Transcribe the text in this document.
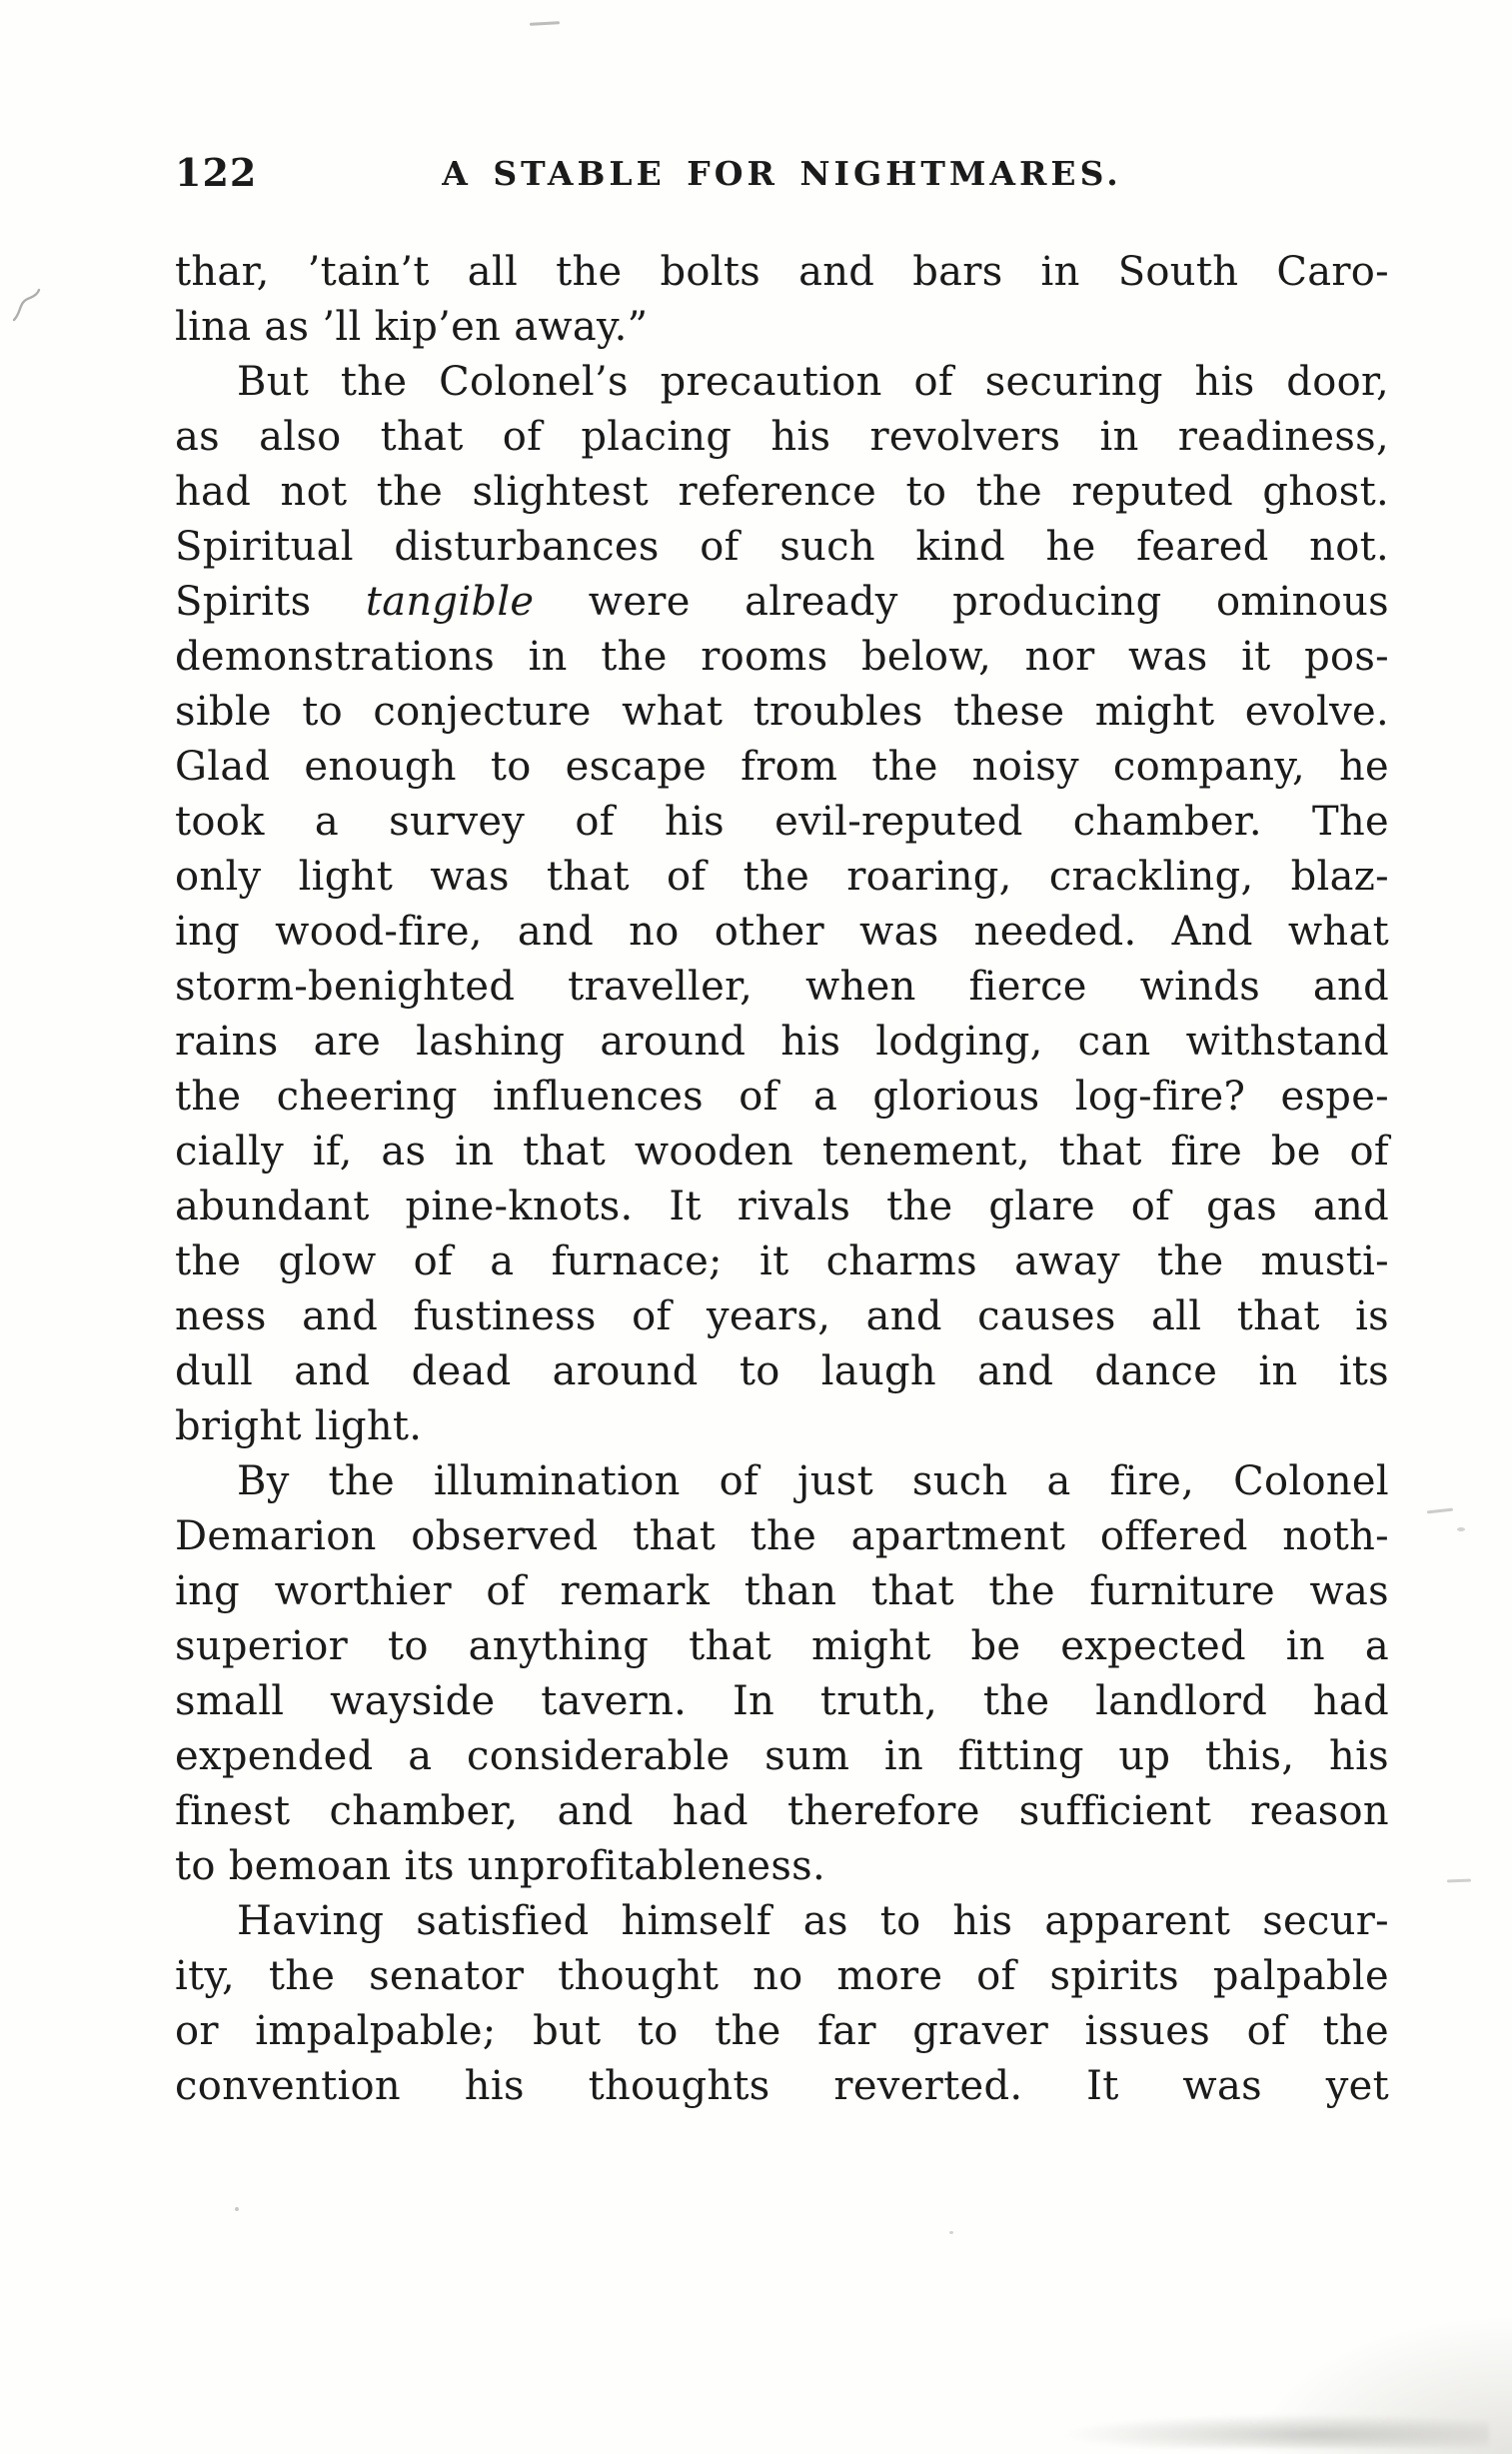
122	A STABLE FOR NIGHTMARES.

thar, ’tain’t all the bolts and bars in South Caro-
lina as ’ll kip’en away.”

But the Colonel’s precaution of securing his door,
as also that of placing his revolvers in readiness,
had not the slightest reference to the reputed ghost.
Spiritual disturbances of such kind he feared not.
Spirits tangible were already producing ominous
demonstrations in the rooms below, nor was it pos-
sible to conjecture what troubles these might evolve.
Glad enough to escape from the noisy company, he
took a survey of his evil-reputed chamber. The
only light was that of the roaring, crackling, blaz-
ing wood-fire, and no other was needed. And what
storm-benighted traveller, when fierce winds and
rains are lashing around his lodging, can withstand
the cheering influences of a glorious log-fire? espe-
cially if, as in that wooden tenement, that fire be of
abundant pine-knots. It rivals the glare of gas and
the glow of a furnace; it charms away the musti-
ness and fustiness of years, and causes all that is
dull and dead around to laugh and dance in its
bright light.

By the illumination of just such a fire, Colonel
Demarion observed that the apartment offered noth-
ing worthier of remark than that the furniture was
superior to anything that might be expected in a
small wayside tavern. In truth, the landlord had
expended a considerable sum in fitting up this, his
finest chamber, and had therefore sufficient reason
to bemoan its unprofitableness.

Having satisfied himself as to his apparent secur-
ity, the senator thought no more of spirits palpable
or impalpable; but to the far graver issues of the
convention his thoughts reverted. It was yet
